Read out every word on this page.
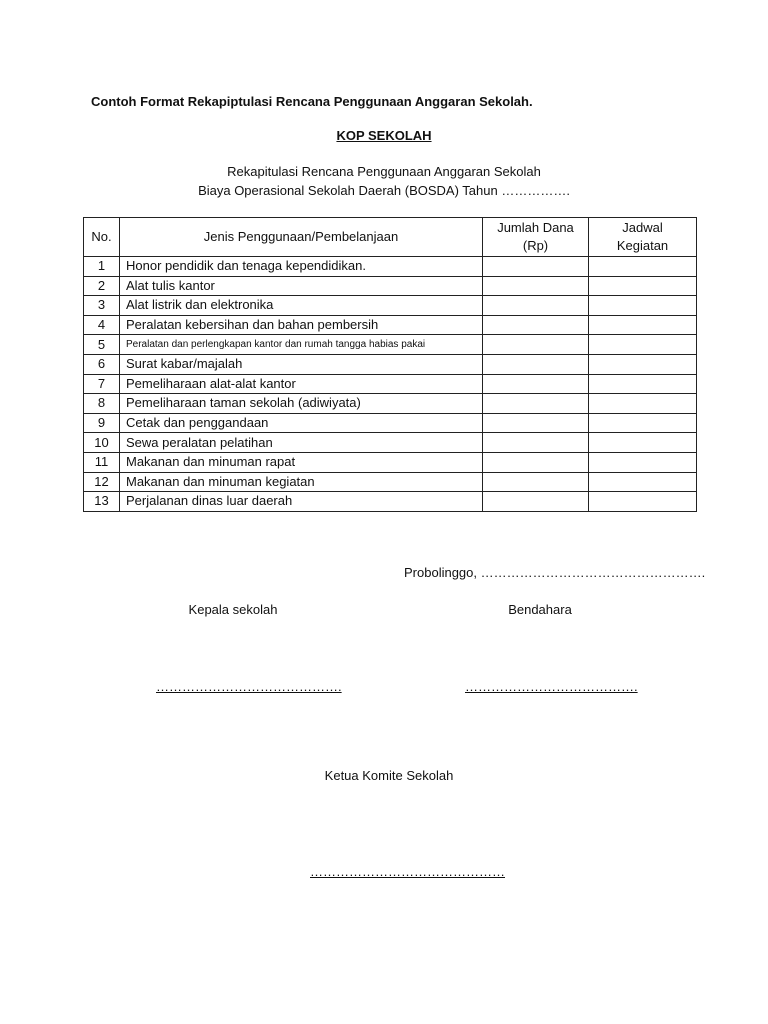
Contoh Format Rekapiptulasi Rencana Penggunaan Anggaran Sekolah.
KOP SEKOLAH
Rekapitulasi Rencana Penggunaan Anggaran Sekolah
Biaya Operasional Sekolah Daerah (BOSDA) Tahun …………….
No.	Jenis Penggunaan/Pembelanjaan	Jumlah Dana (Rp)	Jadwal Kegiatan
1	Honor pendidik dan tenaga kependidikan.		
2	Alat tulis kantor		
3	Alat listrik dan elektronika		
4	Peralatan kebersihan dan bahan pembersih		
5	Peralatan dan perlengkapan kantor dan rumah tangga habias pakai		
6	Surat kabar/majalah		
7	Pemeliharaan alat-alat kantor		
8	Pemeliharaan taman sekolah (adiwiyata)		
9	Cetak dan penggandaan		
10	Sewa peralatan pelatihan		
11	Makanan dan minuman rapat		
12	Makanan dan minuman kegiatan		
13	Perjalanan dinas luar daerah		
Probolinggo, …………………………………………….
Kepala sekolah	Bendahara
…………………………………….	………………………………….
Ketua Komite Sekolah
………………………………………
